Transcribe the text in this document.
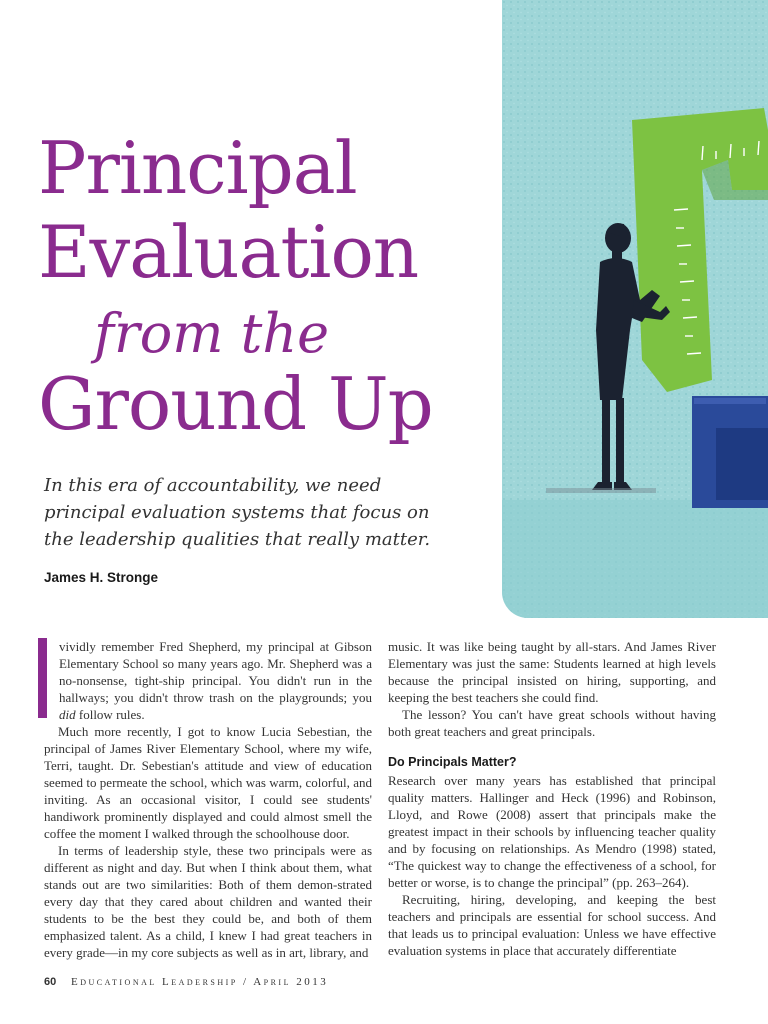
Principal
Evaluation
from the
Ground Up
In this era of accountability, we need principal evaluation systems that focus on the leadership qualities that really matter.
James H. Stronge

vividly remember Fred Shepherd, my principal at Gibson Elementary School so many years ago. Mr. Shepherd was a no-nonsense, tight-ship principal. You didn't run in the hallways; you didn't throw trash on the playgrounds; you did follow rules.

Much more recently, I got to know Lucia Sebestian, the principal of James River Elementary School, where my wife, Terri, taught. Dr. Sebestian's attitude and view of education seemed to permeate the school, which was warm, colorful, and inviting. As an occasional visitor, I could see students' handiwork prominently displayed and could almost smell the coffee the moment I walked through the schoolhouse door.

In terms of leadership style, these two principals were as different as night and day. But when I think about them, what stands out are two similarities: Both of them demon-strated every day that they cared about children and wanted their students to be the best they could be, and both of them emphasized talent. As a child, I knew I had great teachers in every grade—in my core subjects as well as in art, library, and

music. It was like being taught by all-stars. And James River Elementary was just the same: Students learned at high levels because the principal insisted on hiring, supporting, and keeping the best teachers she could find.

The lesson? You can't have great schools without having both great teachers and great principals.

Do Principals Matter?

Research over many years has established that principal quality matters. Hallinger and Heck (1996) and Robinson, Lloyd, and Rowe (2008) assert that principals make the greatest impact in their schools by influencing teacher quality and by focusing on relationships. As Mendro (1998) stated, “The quickest way to change the effectiveness of a school, for better or worse, is to change the principal” (pp. 263–264).

Recruiting, hiring, developing, and keeping the best teachers and principals are essential for school success. And that leads us to principal evaluation: Unless we have effective evaluation systems in place that accurately differentiate

60 Educational Leadership / April 2013
